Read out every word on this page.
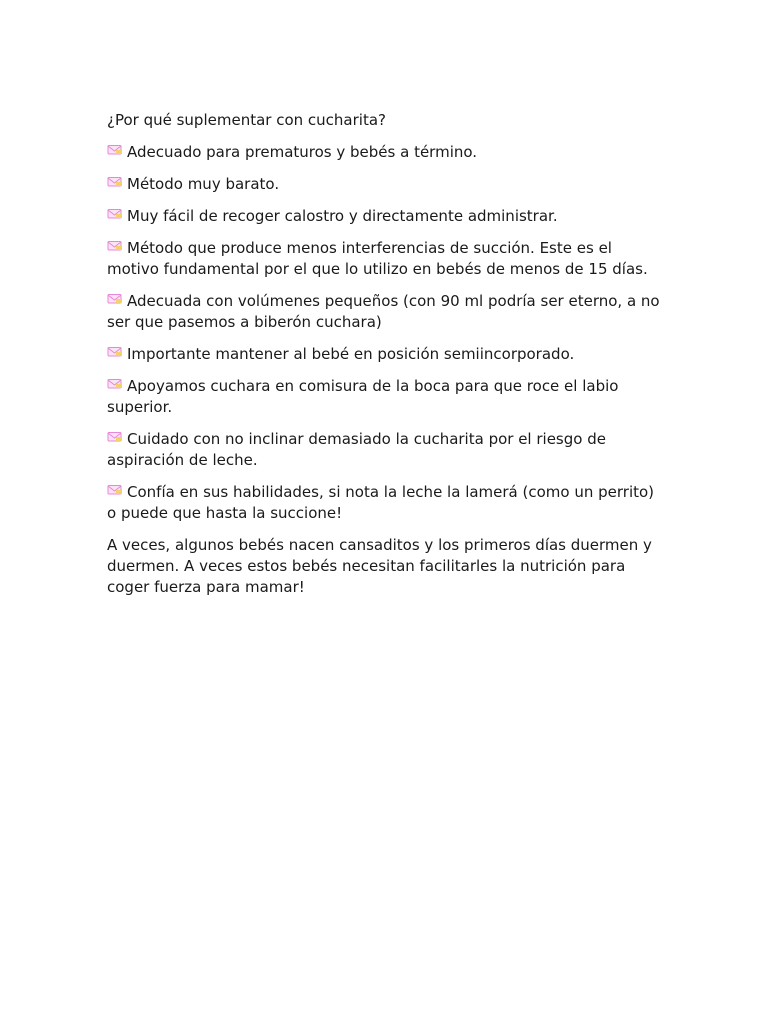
¿Por qué suplementar con cucharita?

Adecuado para prematuros y bebés a término.

Método muy barato.

Muy fácil de recoger calostro y directamente administrar.

Método que produce menos interferencias de succión. Este es el motivo fundamental por el que lo utilizo en bebés de menos de 15 días.

Adecuada con volúmenes pequeños (con 90 ml podría ser eterno, a no ser que pasemos a biberón cuchara)

Importante mantener al bebé en posición semiincorporado.

Apoyamos cuchara en comisura de la boca para que roce el labio superior.

Cuidado con no inclinar demasiado la cucharita por el riesgo de aspiración de leche.

Confía en sus habilidades, si nota la leche la lamerá (como un perrito) o puede que hasta la succione!

A veces, algunos bebés nacen cansaditos y los primeros días duermen y duermen. A veces estos bebés necesitan facilitarles la nutrición para coger fuerza para mamar!
